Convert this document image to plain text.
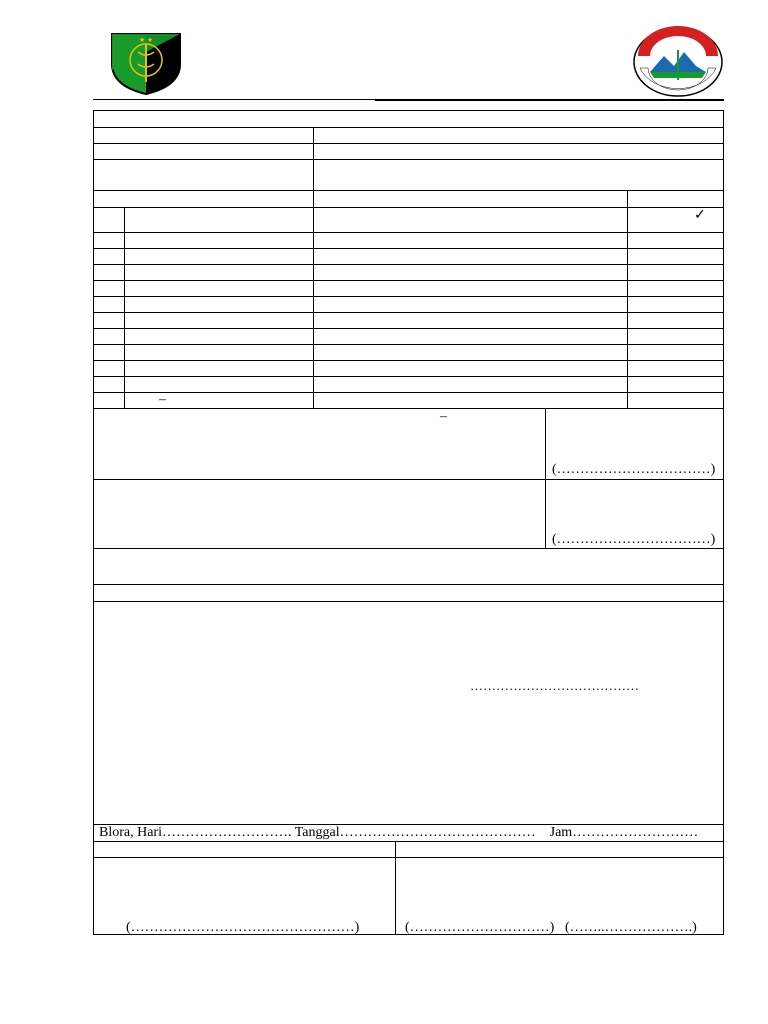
★ ★
✓
–
–
(……………………………)
(……………………………)
…………………………………
Blora, Hari………………………. Tanggal…………………………………… Jam………………………
(…………………………………………)	(…………………………) (……..……………….)
